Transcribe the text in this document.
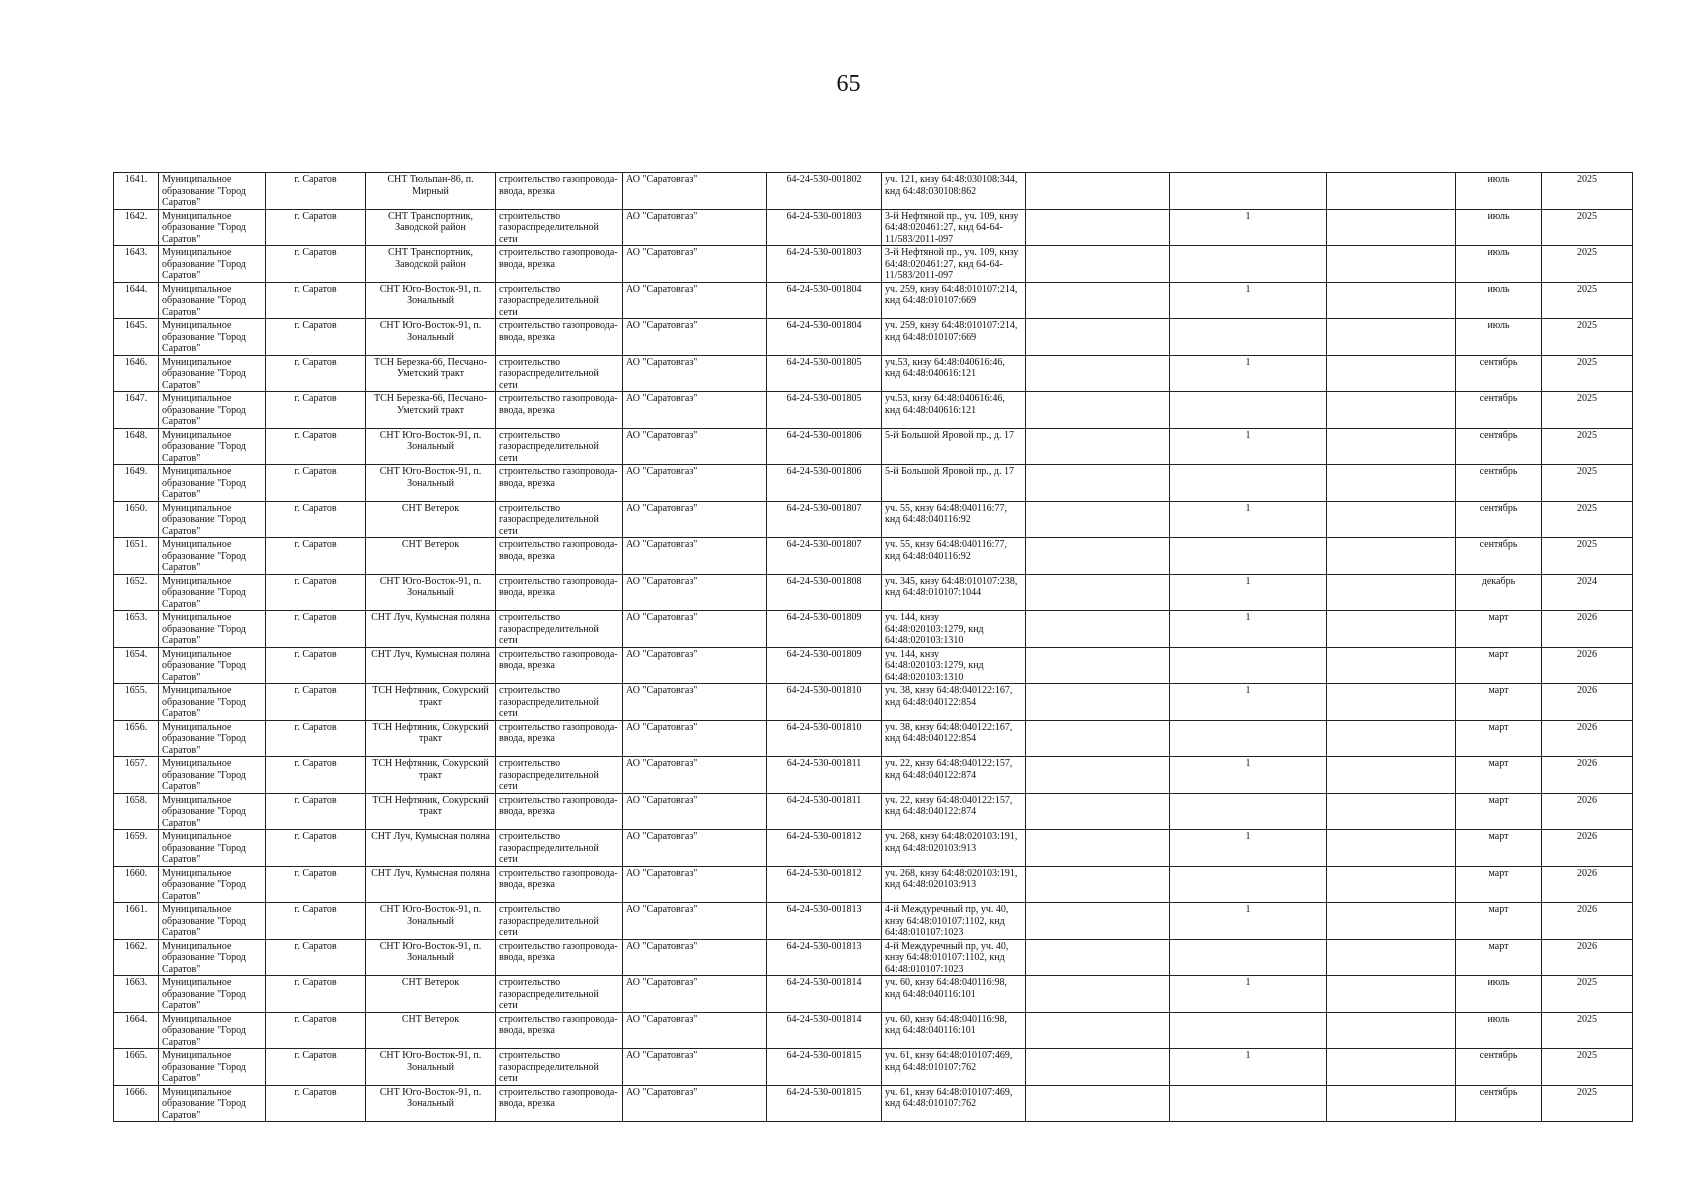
65
1641.	Муниципальное образование "Город Саратов"	г. Саратов	СНТ Тюльпан-86, п. Мирный	строительство газопровода-ввода, врезка	АО "Саратовгаз"	64-24-530-001802	уч. 121, кнзу 64:48:030108:344, кнд 64:48:030108:862				июль	2025
1642.	Муниципальное образование "Город Саратов"	г. Саратов	СНТ Транспортник, Заводской район	строительство газораспределительной сети	АО "Саратовгаз"	64-24-530-001803	3-й Нефтяной пр., уч. 109, кнзу 64:48:020461:27, кнд 64-64-11/583/2011-097		1		июль	2025
1643.	Муниципальное образование "Город Саратов"	г. Саратов	СНТ Транспортник, Заводской район	строительство газопровода-ввода, врезка	АО "Саратовгаз"	64-24-530-001803	3-й Нефтяной пр., уч. 109, кнзу 64:48:020461:27, кнд 64-64-11/583/2011-097				июль	2025
1644.	Муниципальное образование "Город Саратов"	г. Саратов	СНТ Юго-Восток-91, п. Зональный	строительство газораспределительной сети	АО "Саратовгаз"	64-24-530-001804	уч. 259, кнзу 64:48:010107:214, кнд 64:48:010107:669		1		июль	2025
1645.	Муниципальное образование "Город Саратов"	г. Саратов	СНТ Юго-Восток-91, п. Зональный	строительство газопровода-ввода, врезка	АО "Саратовгаз"	64-24-530-001804	уч. 259, кнзу 64:48:010107:214, кнд 64:48:010107:669				июль	2025
1646.	Муниципальное образование "Город Саратов"	г. Саратов	ТСН Березка-66, Песчано-Уметский тракт	строительство газораспределительной сети	АО "Саратовгаз"	64-24-530-001805	уч.53, кнзу 64:48:040616:46, кнд 64:48:040616:121		1		сентябрь	2025
1647.	Муниципальное образование "Город Саратов"	г. Саратов	ТСН Березка-66, Песчано-Уметский тракт	строительство газопровода-ввода, врезка	АО "Саратовгаз"	64-24-530-001805	уч.53, кнзу 64:48:040616:46, кнд 64:48:040616:121				сентябрь	2025
1648.	Муниципальное образование "Город Саратов"	г. Саратов	СНТ Юго-Восток-91, п. Зональный	строительство газораспределительной сети	АО "Саратовгаз"	64-24-530-001806	5-й Большой Яровой пр., д. 17		1		сентябрь	2025
1649.	Муниципальное образование "Город Саратов"	г. Саратов	СНТ Юго-Восток-91, п. Зональный	строительство газопровода-ввода, врезка	АО "Саратовгаз"	64-24-530-001806	5-й Большой Яровой пр., д. 17				сентябрь	2025
1650.	Муниципальное образование "Город Саратов"	г. Саратов	СНТ Ветерок	строительство газораспределительной сети	АО "Саратовгаз"	64-24-530-001807	уч. 55, кнзу 64:48:040116:77, кнд 64:48:040116:92		1		сентябрь	2025
1651.	Муниципальное образование "Город Саратов"	г. Саратов	СНТ Ветерок	строительство газопровода-ввода, врезка	АО "Саратовгаз"	64-24-530-001807	уч. 55, кнзу 64:48:040116:77, кнд 64:48:040116:92				сентябрь	2025
1652.	Муниципальное образование "Город Саратов"	г. Саратов	СНТ Юго-Восток-91, п. Зональный	строительство газопровода-ввода, врезка	АО "Саратовгаз"	64-24-530-001808	уч. 345, кнзу 64:48:010107:238, кнд 64:48:010107:1044		1		декабрь	2024
1653.	Муниципальное образование "Город Саратов"	г. Саратов	СНТ Луч, Кумысная поляна	строительство газораспределительной сети	АО "Саратовгаз"	64-24-530-001809	уч. 144, кнзу 64:48:020103:1279, кнд 64:48:020103:1310		1		март	2026
1654.	Муниципальное образование "Город Саратов"	г. Саратов	СНТ Луч, Кумысная поляна	строительство газопровода-ввода, врезка	АО "Саратовгаз"	64-24-530-001809	уч. 144, кнзу 64:48:020103:1279, кнд 64:48:020103:1310				март	2026
1655.	Муниципальное образование "Город Саратов"	г. Саратов	ТСН Нефтяник, Сокурский тракт	строительство газораспределительной сети	АО "Саратовгаз"	64-24-530-001810	уч. 38, кнзу 64:48:040122:167, кнд 64:48:040122:854		1		март	2026
1656.	Муниципальное образование "Город Саратов"	г. Саратов	ТСН Нефтяник, Сокурский тракт	строительство газопровода-ввода, врезка	АО "Саратовгаз"	64-24-530-001810	уч. 38, кнзу 64:48:040122:167, кнд 64:48:040122:854				март	2026
1657.	Муниципальное образование "Город Саратов"	г. Саратов	ТСН Нефтяник, Сокурский тракт	строительство газораспределительной сети	АО "Саратовгаз"	64-24-530-001811	уч. 22, кнзу 64:48:040122:157, кнд 64:48:040122:874		1		март	2026
1658.	Муниципальное образование "Город Саратов"	г. Саратов	ТСН Нефтяник, Сокурский тракт	строительство газопровода-ввода, врезка	АО "Саратовгаз"	64-24-530-001811	уч. 22, кнзу 64:48:040122:157, кнд 64:48:040122:874				март	2026
1659.	Муниципальное образование "Город Саратов"	г. Саратов	СНТ Луч, Кумысная поляна	строительство газораспределительной сети	АО "Саратовгаз"	64-24-530-001812	уч. 268, кнзу 64:48:020103:191, кнд 64:48:020103:913		1		март	2026
1660.	Муниципальное образование "Город Саратов"	г. Саратов	СНТ Луч, Кумысная поляна	строительство газопровода-ввода, врезка	АО "Саратовгаз"	64-24-530-001812	уч. 268, кнзу 64:48:020103:191, кнд 64:48:020103:913				март	2026
1661.	Муниципальное образование "Город Саратов"	г. Саратов	СНТ Юго-Восток-91, п. Зональный	строительство газораспределительной сети	АО "Саратовгаз"	64-24-530-001813	4-й Междуречный пр, уч. 40, кнзу 64:48:010107:1102, кнд 64:48:010107:1023		1		март	2026
1662.	Муниципальное образование "Город Саратов"	г. Саратов	СНТ Юго-Восток-91, п. Зональный	строительство газопровода-ввода, врезка	АО "Саратовгаз"	64-24-530-001813	4-й Междуречный пр, уч. 40, кнзу 64:48:010107:1102, кнд 64:48:010107:1023				март	2026
1663.	Муниципальное образование "Город Саратов"	г. Саратов	СНТ Ветерок	строительство газораспределительной сети	АО "Саратовгаз"	64-24-530-001814	уч. 60, кнзу 64:48:040116:98, кнд 64:48:040116:101		1		июль	2025
1664.	Муниципальное образование "Город Саратов"	г. Саратов	СНТ Ветерок	строительство газопровода-ввода, врезка	АО "Саратовгаз"	64-24-530-001814	уч. 60, кнзу 64:48:040116:98, кнд 64:48:040116:101				июль	2025
1665.	Муниципальное образование "Город Саратов"	г. Саратов	СНТ Юго-Восток-91, п. Зональный	строительство газораспределительной сети	АО "Саратовгаз"	64-24-530-001815	уч. 61, кнзу 64:48:010107:469, кнд 64:48:010107:762		1		сентябрь	2025
1666.	Муниципальное образование "Город Саратов"	г. Саратов	СНТ Юго-Восток-91, п. Зональный	строительство газопровода-ввода, врезка	АО "Саратовгаз"	64-24-530-001815	уч. 61, кнзу 64:48:010107:469, кнд 64:48:010107:762				сентябрь	2025
